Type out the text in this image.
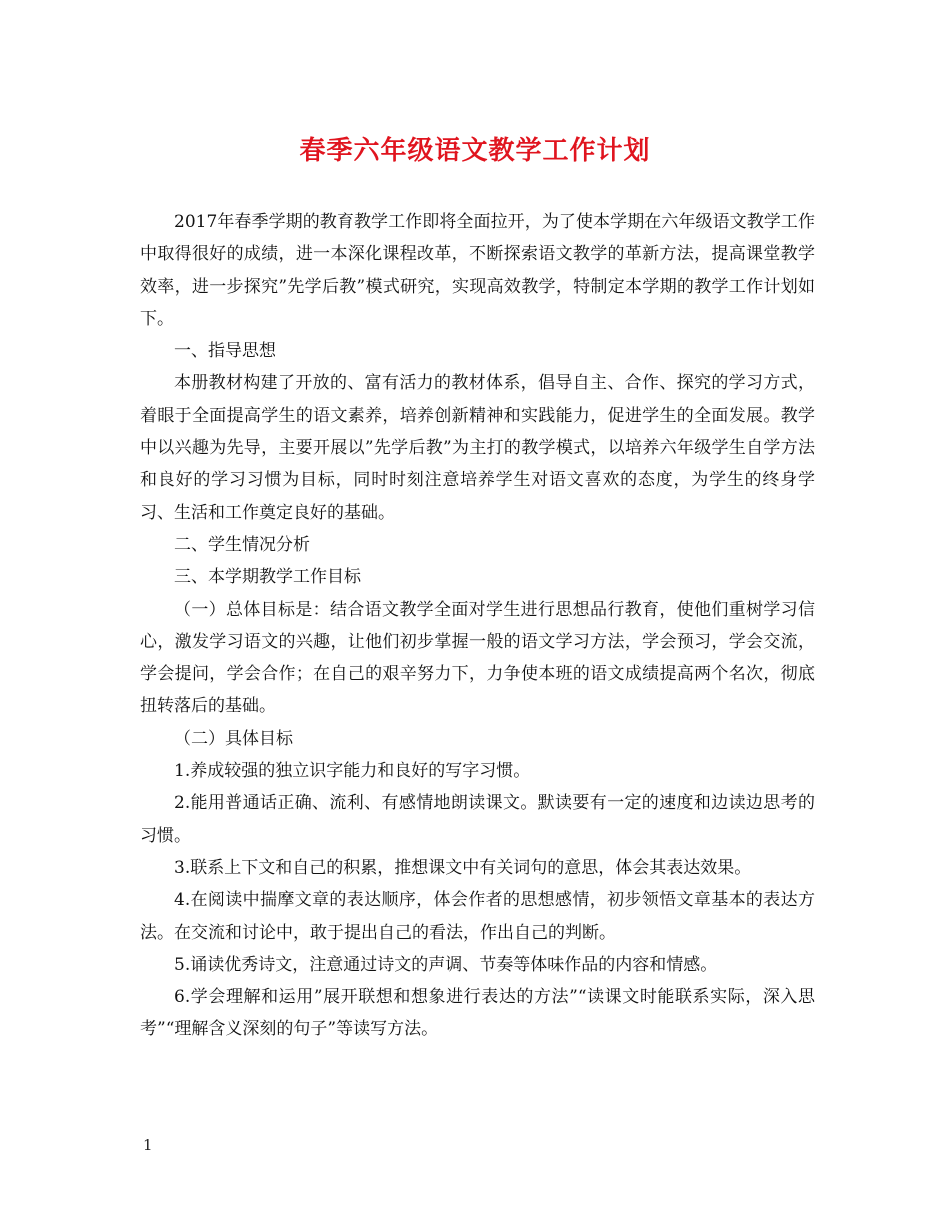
春季六年级语文教学工作计划

2017年春季学期的教育教学工作即将全面拉开，为了使本学期在六年级语文教学工作中取得很好的成绩，进一本深化课程改革，不断探索语文教学的革新方法，提高课堂教学效率，进一步探究”先学后教”模式研究，实现高效教学，特制定本学期的教学工作计划如下。

一、指导思想

本册教材构建了开放的、富有活力的教材体系，倡导自主、合作、探究的学习方式，着眼于全面提高学生的语文素养，培养创新精神和实践能力，促进学生的全面发展。教学中以兴趣为先导，主要开展以”先学后教”为主打的教学模式，以培养六年级学生自学方法和良好的学习习惯为目标，同时时刻注意培养学生对语文喜欢的态度，为学生的终身学习、生活和工作奠定良好的基础。

二、学生情况分析

三、本学期教学工作目标

（一）总体目标是：结合语文教学全面对学生进行思想品行教育，使他们重树学习信心，激发学习语文的兴趣，让他们初步掌握一般的语文学习方法，学会预习，学会交流，学会提问，学会合作；在自己的艰辛努力下，力争使本班的语文成绩提高两个名次，彻底扭转落后的基础。

（二）具体目标

1.养成较强的独立识字能力和良好的写字习惯。

2.能用普通话正确、流利、有感情地朗读课文。默读要有一定的速度和边读边思考的习惯。

3.联系上下文和自己的积累，推想课文中有关词句的意思，体会其表达效果。

4.在阅读中揣摩文章的表达顺序，体会作者的思想感情，初步领悟文章基本的表达方法。在交流和讨论中，敢于提出自己的看法，作出自己的判断。

5.诵读优秀诗文，注意通过诗文的声调、节奏等体味作品的内容和情感。

6.学会理解和运用”展开联想和想象进行表达的方法”“读课文时能联系实际，深入思考”“理解含义深刻的句子”等读写方法。

1
